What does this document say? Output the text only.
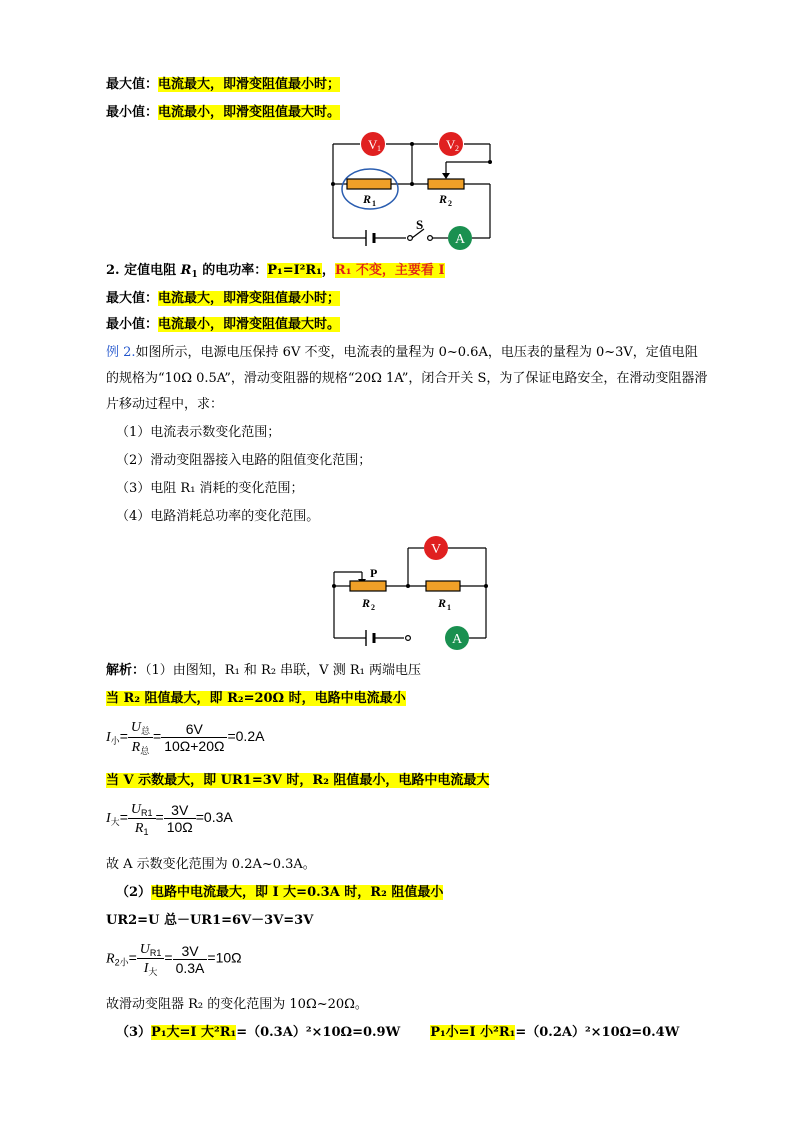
最大值：电流最大，即滑变阻值最小时；
最小值：电流最小，即滑变阻值最大时。
V 1	V 2
R 1	R 2
S
A
2. 定值电阻 $R_1$ 的电功率：P₁=I²R₁，R₁ 不变，主要看 I
最大值：电流最大，即滑变阻值最小时；
最小值：电流最小，即滑变阻值最大时。
例 2.如图所示，电源电压保持 6V 不变，电流表的量程为 0~0.6A，电压表的量程为 0~3V，定值电阻
的规格为“10Ω 0.5A”，滑动变阻器的规格“20Ω 1A”，闭合开关 S，为了保证电路安全，在滑动变阻器滑
片移动过程中，求：
（1）电流表示数变化范围；
（2）滑动变阻器接入电路的阻值变化范围；
（3）电阻 R₁ 消耗的变化范围；
（4）电路消耗总功率的变化范围。
V
P
R 2	R 1
A
解析：（1）由图知，R₁ 和 R₂ 串联，V 测 R₁ 两端电压
当 R₂ 阻值最大，即 R₂=20Ω 时，电路中电流最小
$I_小= \frac{U_总}{R_总} = \frac{6V}{10\Omega+20\Omega} =0.2A$
当 V 示数最大，即 UR1=3V 时，R₂ 阻值最小，电路中电流最大
$I_大= \frac{U_{R1}}{R_1} = \frac{3V}{10\Omega} =0.3A$
故 A 示数变化范围为 0.2A~0.3A。
（2）电路中电流最大，即 I 大=0.3A 时，R₂ 阻值最小
UR2=U 总－UR1=6V－3V=3V
$R_{2小}= \frac{U_{R1}}{I_大} = \frac{3V}{0.3A} =10\Omega$
故滑动变阻器 R₂ 的变化范围为 10Ω~20Ω。
（3）P₁大=I 大²R₁=（0.3A）²×10Ω=0.9W P₁小=I 小²R₁=（0.2A）²×10Ω=0.4W
